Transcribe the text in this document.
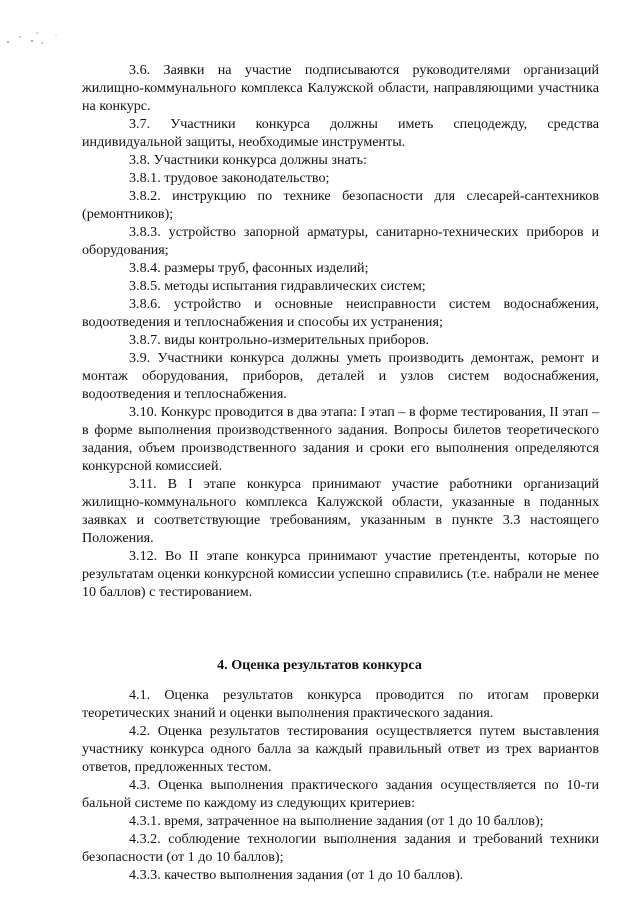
3.6. Заявки на участие подписываются руководителями организаций
жилищно-коммунального комплекса Калужской области, направляющими участника
на конкурс.
3.7. Участники конкурса должны иметь спецодежду, средства
индивидуальной защиты, необходимые инструменты.
3.8. Участники конкурса должны знать:
3.8.1. трудовое законодательство;
3.8.2. инструкцию по технике безопасности для слесарей-сантехников
(ремонтников);
3.8.3. устройство запорной арматуры, санитарно-технических приборов и
оборудования;
3.8.4. размеры труб, фасонных изделий;
3.8.5. методы испытания гидравлических систем;
3.8.6. устройство и основные неисправности систем водоснабжения,
водоотведения и теплоснабжения и способы их устранения;
3.8.7. виды контрольно-измерительных приборов.
3.9. Участники конкурса должны уметь производить демонтаж, ремонт и
монтаж оборудования, приборов, деталей и узлов систем водоснабжения,
водоотведения и теплоснабжения.
3.10. Конкурс проводится в два этапа: I этап – в форме тестирования, II этап –
в форме выполнения производственного задания. Вопросы билетов теоретического
задания, объем производственного задания и сроки его выполнения определяются
конкурсной комиссией.
3.11. В I этапе конкурса принимают участие работники организаций
жилищно-коммунального комплекса Калужской области, указанные в поданных
заявках и соответствующие требованиям, указанным в пункте 3.3 настоящего
Положения.
3.12. Во II этапе конкурса принимают участие претенденты, которые по
результатам оценки конкурсной комиссии успешно справились (т.е. набрали не менее
10 баллов) с тестированием.
4. Оценка результатов конкурса
4.1. Оценка результатов конкурса проводится по итогам проверки
теоретических знаний и оценки выполнения практического задания.
4.2. Оценка результатов тестирования осуществляется путем выставления
участнику конкурса одного балла за каждый правильный ответ из трех вариантов
ответов, предложенных тестом.
4.3. Оценка выполнения практического задания осуществляется по 10-ти
бальной системе по каждому из следующих критериев:
4.3.1. время, затраченное на выполнение задания (от 1 до 10 баллов);
4.3.2. соблюдение технологии выполнения задания и требований техники
безопасности (от 1 до 10 баллов);
4.3.3. качество выполнения задания (от 1 до 10 баллов).
